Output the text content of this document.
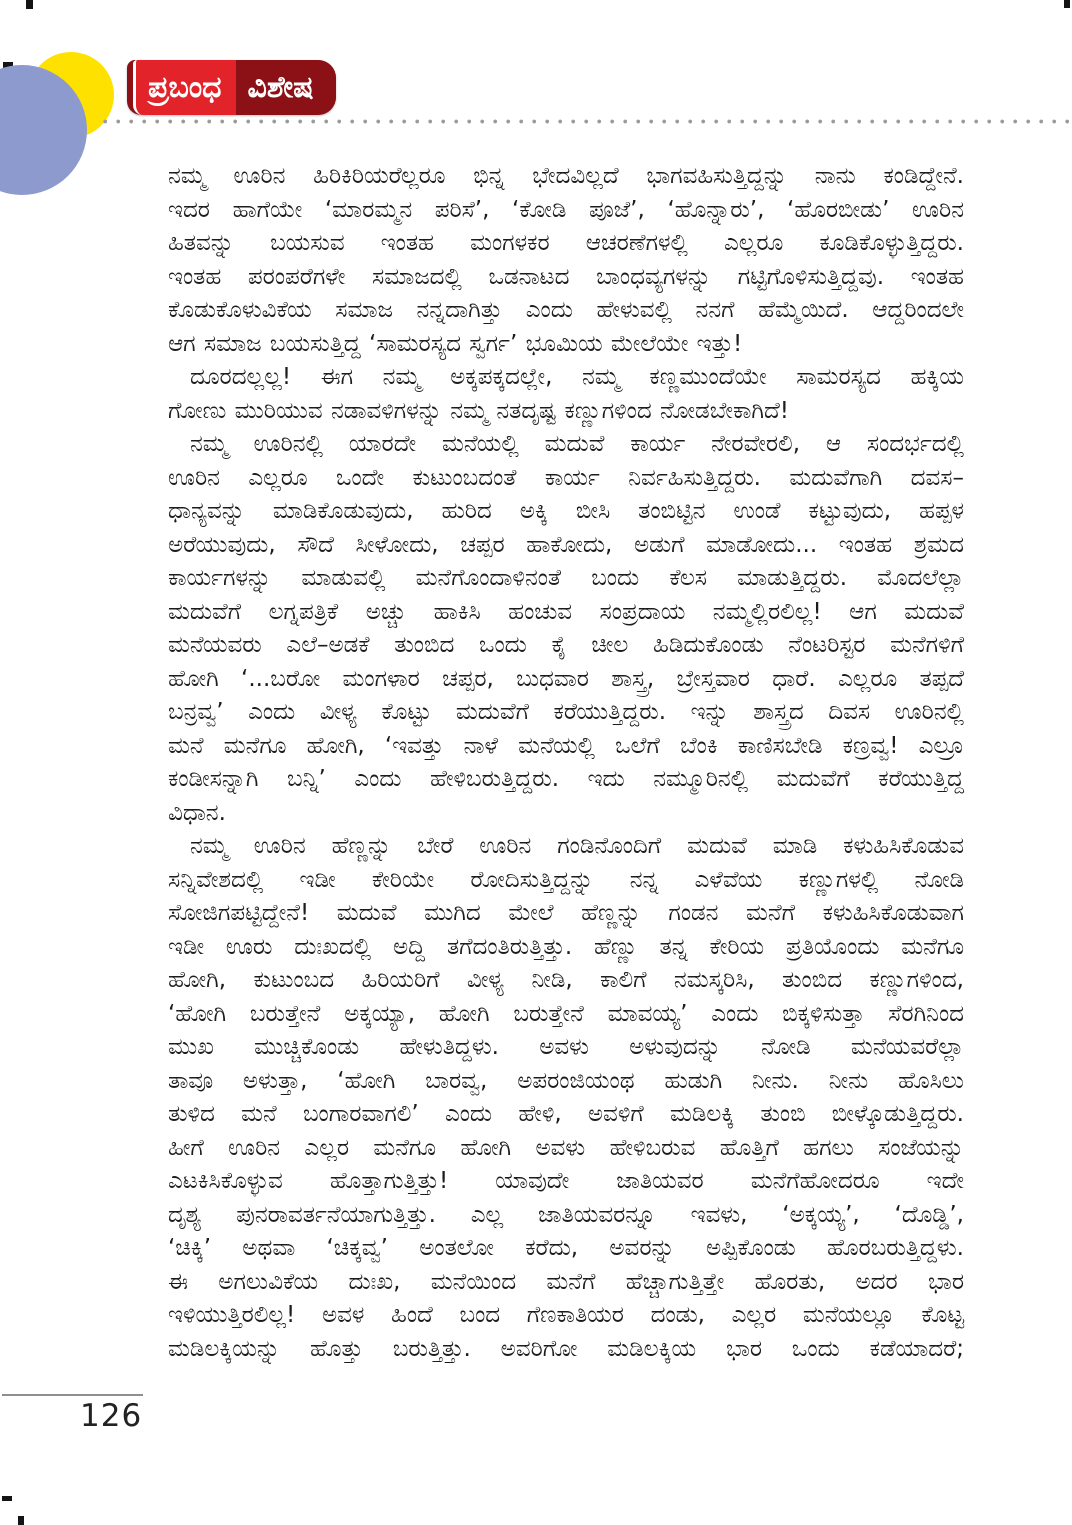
ಪ್ರಬಂಧ ವಿಶೇಷ
ನಮ್ಮ ಊರಿನ ಹಿರಿಕಿರಿಯರೆಲ್ಲರೂ ಭಿನ್ನ ಭೇದವಿಲ್ಲದೆ ಭಾಗವಹಿಸುತ್ತಿದ್ದನ್ನು ನಾನು ಕಂಡಿದ್ದೇನೆ.
ಇದರ ಹಾಗೆಯೇ ‘ಮಾರಮ್ಮನ ಪರಿಸೆ’, ‘ಕೋಡಿ ಪೂಜೆ’, ‘ಹೊನ್ನಾರು’, ‘ಹೊರಬೀಡು’ ಊರಿನ
ಹಿತವನ್ನು ಬಯಸುವ ಇಂತಹ ಮಂಗಳಕರ ಆಚರಣೆಗಳಲ್ಲಿ ಎಲ್ಲರೂ ಕೂಡಿಕೊಳ್ಳುತ್ತಿದ್ದರು.
ಇಂತಹ ಪರಂಪರೆಗಳೇ ಸಮಾಜದಲ್ಲಿ ಒಡನಾಟದ ಬಾಂಧವ್ಯಗಳನ್ನು ಗಟ್ಟಿಗೊಳಿಸುತ್ತಿದ್ದವು. ಇಂತಹ
ಕೊಡುಕೊಳುವಿಕೆಯ ಸಮಾಜ ನನ್ನದಾಗಿತ್ತು ಎಂದು ಹೇಳುವಲ್ಲಿ ನನಗೆ ಹೆಮ್ಮೆಯಿದೆ. ಆದ್ದರಿಂದಲೇ
ಆಗ ಸಮಾಜ ಬಯಸುತ್ತಿದ್ದ ‘ಸಾಮರಸ್ಯದ ಸ್ವರ್ಗ’ ಭೂಮಿಯ ಮೇಲೆಯೇ ಇತ್ತು!
ದೂರದಲ್ಲಲ್ಲ! ಈಗ ನಮ್ಮ ಅಕ್ಕಪಕ್ಕದಲ್ಲೇ, ನಮ್ಮ ಕಣ್ಣಮುಂದೆಯೇ ಸಾಮರಸ್ಯದ ಹಕ್ಕಿಯ
ಗೋಣು ಮುರಿಯುವ ನಡಾವಳಿಗಳನ್ನು ನಮ್ಮ ನತದೃಷ್ಟ ಕಣ್ಣುಗಳಿಂದ ನೋಡಬೇಕಾಗಿದೆ!
ನಮ್ಮ ಊರಿನಲ್ಲಿ ಯಾರದೇ ಮನೆಯಲ್ಲಿ ಮದುವೆ ಕಾರ್ಯ ನೇರವೇರಲಿ, ಆ ಸಂದರ್ಭದಲ್ಲಿ
ಊರಿನ ಎಲ್ಲರೂ ಒಂದೇ ಕುಟುಂಬದಂತೆ ಕಾರ್ಯ ನಿರ್ವಹಿಸುತ್ತಿದ್ದರು. ಮದುವೆಗಾಗಿ ದವಸ–
ಧಾನ್ಯವನ್ನು ಮಾಡಿಕೊಡುವುದು, ಹುರಿದ ಅಕ್ಕಿ ಬೀಸಿ ತಂಬಿಟ್ಟಿನ ಉಂಡೆ ಕಟ್ಟುವುದು, ಹಪ್ಪಳ
ಅರೆಯುವುದು, ಸೌದೆ ಸೀಳೋದು, ಚಪ್ಪರ ಹಾಕೋದು, ಅಡುಗೆ ಮಾಡೋದು... ಇಂತಹ ಶ್ರಮದ
ಕಾರ್ಯಗಳನ್ನು ಮಾಡುವಲ್ಲಿ ಮನೆಗೊಂದಾಳಿನಂತೆ ಬಂದು ಕೆಲಸ ಮಾಡುತ್ತಿದ್ದರು. ಮೊದಲೆಲ್ಲಾ
ಮದುವೆಗೆ ಲಗ್ನಪತ್ರಿಕೆ ಅಚ್ಚು ಹಾಕಿಸಿ ಹಂಚುವ ಸಂಪ್ರದಾಯ ನಮ್ಮಲ್ಲಿರಲಿಲ್ಲ! ಆಗ ಮದುವೆ
ಮನೆಯವರು ಎಲೆ–ಅಡಕೆ ತುಂಬಿದ ಒಂದು ಕೈ ಚೀಲ ಹಿಡಿದುಕೊಂಡು ನೆಂಟರಿಸ್ಟರ ಮನೆಗಳಿಗೆ
ಹೋಗಿ ‘...ಬರೋ ಮಂಗಳಾರ ಚಪ್ಪರ, ಬುಧವಾರ ಶಾಸ್ತ್ರ, ಬ್ರೇಸ್ತವಾರ ಧಾರೆ. ಎಲ್ಲರೂ ತಪ್ಪದೆ
ಬನ್ರವ್ವ’ ಎಂದು ವೀಳ್ಯ ಕೊಟ್ಟು ಮದುವೆಗೆ ಕರೆಯುತ್ತಿದ್ದರು. ಇನ್ನು ಶಾಸ್ತ್ರದ ದಿವಸ ಊರಿನಲ್ಲಿ
ಮನೆ ಮನೆಗೂ ಹೋಗಿ, ‘ಇವತ್ತು ನಾಳೆ ಮನೆಯಲ್ಲಿ ಒಲೆಗೆ ಬೆಂಕಿ ಕಾಣಿಸಬೇಡಿ ಕಣ್ರವ್ವ! ಎಲ್ರೂ
ಕಂಡೀಸನ್ನಾಗಿ ಬನ್ನಿ’ ಎಂದು ಹೇಳಿಬರುತ್ತಿದ್ದರು. ಇದು ನಮ್ಮೂರಿನಲ್ಲಿ ಮದುವೆಗೆ ಕರೆಯುತ್ತಿದ್ದ
ವಿಧಾನ.
ನಮ್ಮ ಊರಿನ ಹೆಣ್ಣನ್ನು ಬೇರೆ ಊರಿನ ಗಂಡಿನೊಂದಿಗೆ ಮದುವೆ ಮಾಡಿ ಕಳುಹಿಸಿಕೊಡುವ
ಸನ್ನಿವೇಶದಲ್ಲಿ ಇಡೀ ಕೇರಿಯೇ ರೋದಿಸುತ್ತಿದ್ದನ್ನು ನನ್ನ ಎಳೆವೆಯ ಕಣ್ಣುಗಳಲ್ಲಿ ನೋಡಿ
ಸೋಜಿಗಪಟ್ಟಿದ್ದೇನೆ! ಮದುವೆ ಮುಗಿದ ಮೇಲೆ ಹೆಣ್ಣನ್ನು ಗಂಡನ ಮನೆಗೆ ಕಳುಹಿಸಿಕೊಡುವಾಗ
ಇಡೀ ಊರು ದುಃಖದಲ್ಲಿ ಅದ್ದಿ ತಗೆದಂತಿರುತ್ತಿತ್ತು. ಹೆಣ್ಣು ತನ್ನ ಕೇರಿಯ ಪ್ರತಿಯೊಂದು ಮನೆಗೂ
ಹೋಗಿ, ಕುಟುಂಬದ ಹಿರಿಯರಿಗೆ ವೀಳ್ಯ ನೀಡಿ, ಕಾಲಿಗೆ ನಮಸ್ಕರಿಸಿ, ತುಂಬಿದ ಕಣ್ಣುಗಳಿಂದ,
‘ಹೋಗಿ ಬರುತ್ತೇನೆ ಅಕ್ಕಯ್ಯಾ, ಹೋಗಿ ಬರುತ್ತೇನೆ ಮಾವಯ್ಯ’ ಎಂದು ಬಿಕ್ಕಳಿಸುತ್ತಾ ಸೆರಗಿನಿಂದ
ಮುಖ ಮುಚ್ಚಿಕೊಂಡು ಹೇಳುತಿದ್ದಳು. ಅವಳು ಅಳುವುದನ್ನು ನೋಡಿ ಮನೆಯವರೆಲ್ಲಾ
ತಾವೂ ಅಳುತ್ತಾ, ‘ಹೋಗಿ ಬಾರವ್ವ, ಅಪರಂಜಿಯಂಥ ಹುಡುಗಿ ನೀನು. ನೀನು ಹೊಸಿಲು
ತುಳಿದ ಮನೆ ಬಂಗಾರವಾಗಲಿ’ ಎಂದು ಹೇಳಿ, ಅವಳಿಗೆ ಮಡಿಲಕ್ಕಿ ತುಂಬಿ ಬೀಳ್ಕೊಡುತ್ತಿದ್ದರು.
ಹೀಗೆ ಊರಿನ ಎಲ್ಲರ ಮನೆಗೂ ಹೋಗಿ ಅವಳು ಹೇಳಿಬರುವ ಹೊತ್ತಿಗೆ ಹಗಲು ಸಂಜೆಯನ್ನು
ಎಟಕಿಸಿಕೊಳ್ಳುವ ಹೊತ್ತಾಗುತ್ತಿತ್ತು! ಯಾವುದೇ ಜಾತಿಯವರ ಮನೆಗೆಹೋದರೂ ಇದೇ
ದೃಶ್ಯ ಪುನರಾವರ್ತನೆಯಾಗುತ್ತಿತ್ತು. ಎಲ್ಲ ಜಾತಿಯವರನ್ನೂ ಇವಳು, ‘ಅಕ್ಕಯ್ಯ’, ‘ದೊಡ್ಡಿ’,
‘ಚಿಕ್ಕಿ’ ಅಥವಾ ‘ಚಿಕ್ಕವ್ವ’ ಅಂತಲೋ ಕರೆದು, ಅವರನ್ನು ಅಪ್ಪಿಕೊಂಡು ಹೊರಬರುತ್ತಿದ್ದಳು.
ಈ ಅಗಲುವಿಕೆಯ ದುಃಖ, ಮನೆಯಿಂದ ಮನೆಗೆ ಹೆಚ್ಚಾಗುತ್ತಿತ್ತೇ ಹೊರತು, ಅದರ ಭಾರ
ಇಳಿಯುತ್ತಿರಲಿಲ್ಲ! ಅವಳ ಹಿಂದೆ ಬಂದ ಗೆಣಕಾತಿಯರ ದಂಡು, ಎಲ್ಲರ ಮನೆಯಲ್ಲೂ ಕೊಟ್ಟ
ಮಡಿಲಕ್ಕಿಯನ್ನು ಹೊತ್ತು ಬರುತ್ತಿತ್ತು. ಅವರಿಗೋ ಮಡಿಲಕ್ಕಿಯ ಭಾರ ಒಂದು ಕಡೆಯಾದರೆ;
126
